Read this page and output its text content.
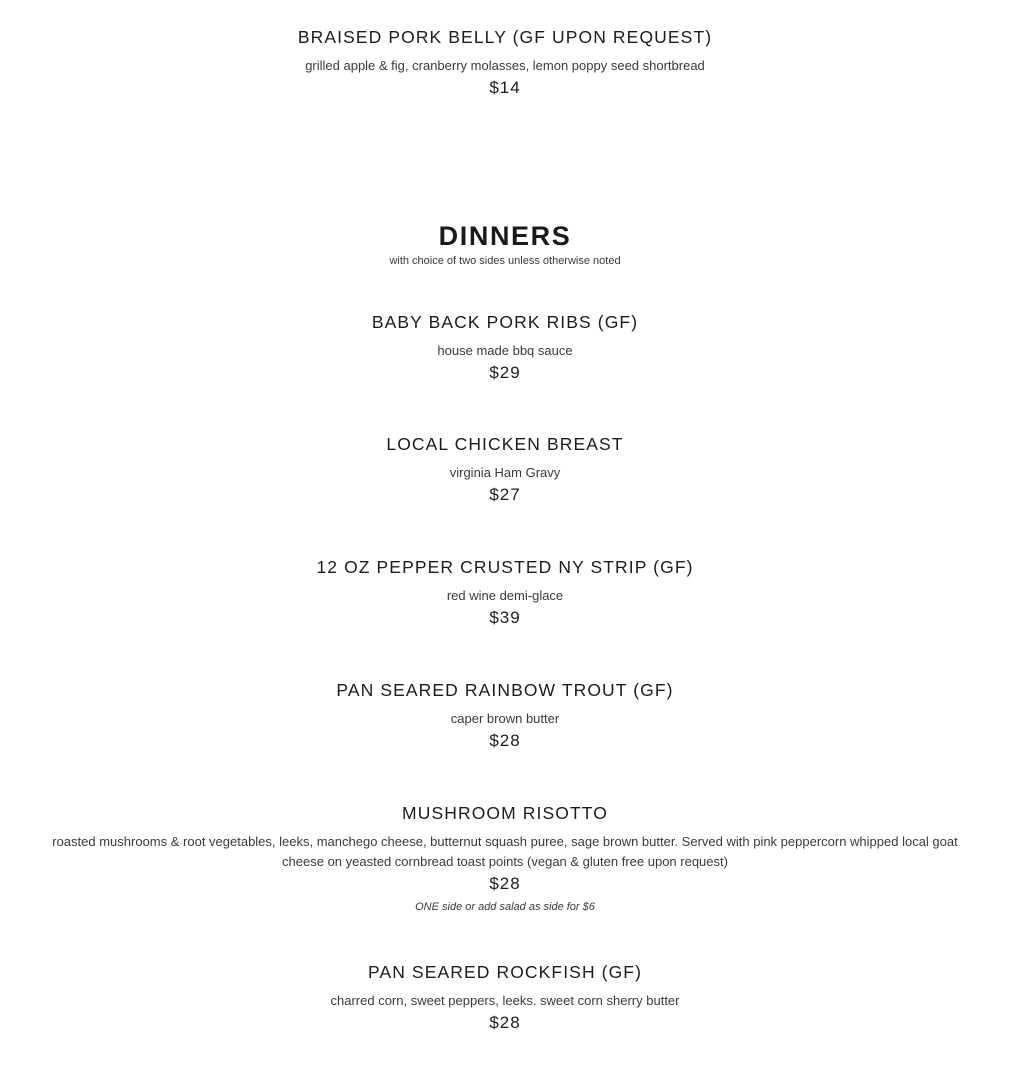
BRAISED PORK BELLY (GF UPON REQUEST)
grilled apple & fig, cranberry molasses, lemon poppy seed shortbread
$14
DINNERS
with choice of two sides unless otherwise noted
BABY BACK PORK RIBS (GF)
house made bbq sauce
$29
LOCAL CHICKEN BREAST
virginia Ham Gravy
$27
12 OZ PEPPER CRUSTED NY STRIP (GF)
red wine demi-glace
$39
PAN SEARED RAINBOW TROUT (GF)
caper brown butter
$28
MUSHROOM RISOTTO
roasted mushrooms & root vegetables, leeks, manchego cheese, butternut squash puree, sage brown butter. Served with pink peppercorn whipped local goat cheese on yeasted cornbread toast points (vegan & gluten free upon request)
$28
ONE side or add salad as side for $6
PAN SEARED ROCKFISH (GF)
charred corn, sweet peppers, leeks. sweet corn sherry butter
$28
